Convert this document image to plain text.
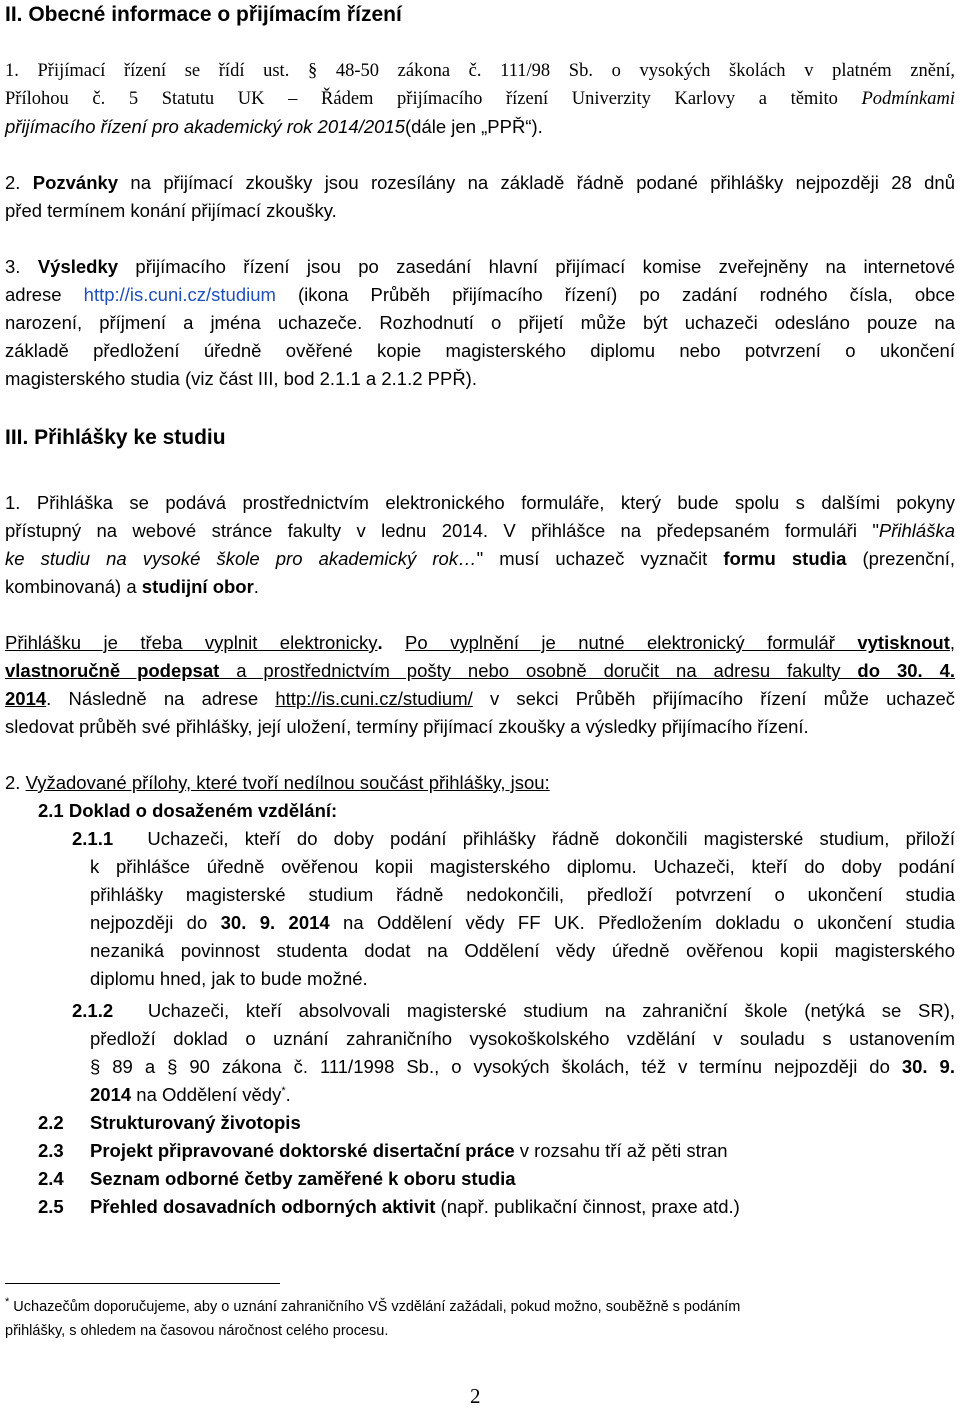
II. Obecné informace o přijímacím řízení
1. Přijímací řízení se řídí ust. § 48-50 zákona č. 111/98 Sb. o vysokých školách v platném znění,
Přílohou č. 5 Statutu UK – Řádem přijímacího řízení Univerzity Karlovy a těmito Podmínkami
přijímacího řízení pro akademický rok 2014/2015(dále jen „PPŘ“).
2. Pozvánky na přijímací zkoušky jsou rozesílány na základě řádně podané přihlášky nejpozději 28 dnů
před termínem konání přijímací zkoušky.
3. Výsledky přijímacího řízení jsou po zasedání hlavní přijímací komise zveřejněny na internetové
adrese http://is.cuni.cz/studium (ikona Průběh přijímacího řízení) po zadání rodného čísla, obce
narození, příjmení a jména uchazeče. Rozhodnutí o přijetí může být uchazeči odesláno pouze na
základě předložení úředně ověřené kopie magisterského diplomu nebo potvrzení o ukončení
magisterského studia (viz část III, bod 2.1.1 a 2.1.2 PPŘ).
III. Přihlášky ke studiu
1. Přihláška se podává prostřednictvím elektronického formuláře, který bude spolu s dalšími pokyny
přístupný na webové stránce fakulty v lednu 2014. V přihlášce na předepsaném formuláři "Přihláška
ke studiu na vysoké škole pro akademický rok…" musí uchazeč vyznačit formu studia (prezenční,
kombinovaná) a studijní obor.
Přihlášku je třeba vyplnit elektronicky. Po vyplnění je nutné elektronický formulář vytisknout,
vlastnoručně podepsat a prostřednictvím pošty nebo osobně doručit na adresu fakulty do 30. 4.
2014. Následně na adrese http://is.cuni.cz/studium/ v sekci Průběh přijímacího řízení může uchazeč
sledovat průběh své přihlášky, její uložení, termíny přijímací zkoušky a výsledky přijímacího řízení.
2. Vyžadované přílohy, které tvoří nedílnou součást přihlášky, jsou:
2.1 Doklad o dosaženém vzdělání:
2.1.1 Uchazeči, kteří do doby podání přihlášky řádně dokončili magisterské studium, přiloží
k přihlášce úředně ověřenou kopii magisterského diplomu. Uchazeči, kteří do doby podání
přihlášky magisterské studium řádně nedokončili, předloží potvrzení o ukončení studia
nejpozději do 30. 9. 2014 na Oddělení vědy FF UK. Předložením dokladu o ukončení studia
nezaniká povinnost studenta dodat na Oddělení vědy úředně ověřenou kopii magisterského
diplomu hned, jak to bude možné.
2.1.2 Uchazeči, kteří absolvovali magisterské studium na zahraniční škole (netýká se SR),
předloží doklad o uznání zahraničního vysokoškolského vzdělání v souladu s ustanovením
§ 89 a § 90 zákona č. 111/1998 Sb., o vysokých školách, též v termínu nejpozději do 30. 9.
2014 na Oddělení vědy*.
2.2 Strukturovaný životopis
2.3 Projekt připravované doktorské disertační práce v rozsahu tří až pěti stran
2.4 Seznam odborné četby zaměřené k oboru studia
2.5 Přehled dosavadních odborných aktivit (např. publikační činnost, praxe atd.)
* Uchazečům doporučujeme, aby o uznání zahraničního VŠ vzdělání zažádali, pokud možno, souběžně s podáním
přihlášky, s ohledem na časovou náročnost celého procesu.
2
